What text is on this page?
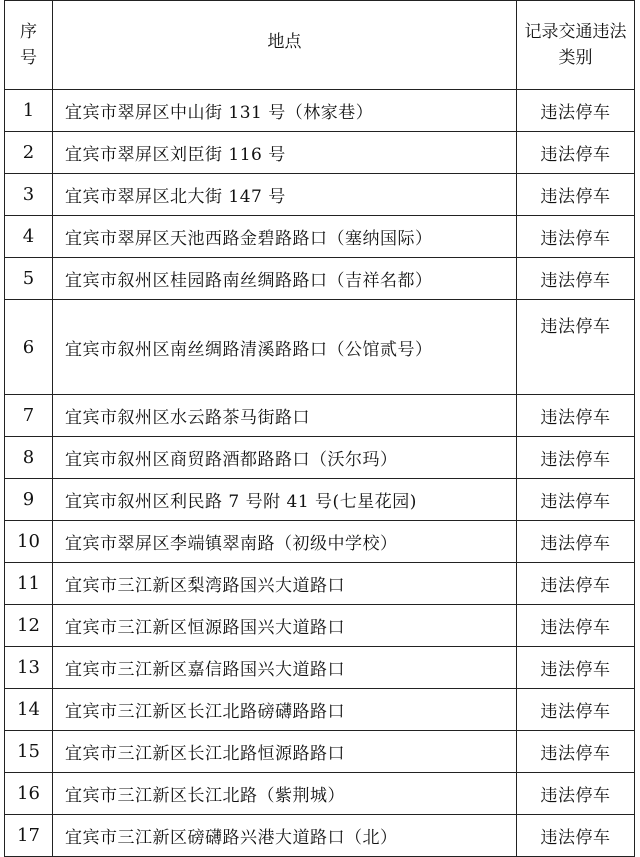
序号	地点	记录交通违法类别
1	宜宾市翠屏区中山街 131 号（林家巷）	违法停车
2	宜宾市翠屏区刘臣街 116 号	违法停车
3	宜宾市翠屏区北大街 147 号	违法停车
4	宜宾市翠屏区天池西路金碧路路口（塞纳国际）	违法停车
5	宜宾市叙州区桂园路南丝绸路路口（吉祥名都）	违法停车
6	宜宾市叙州区南丝绸路清溪路路口（公馆贰号）	违法停车
7	宜宾市叙州区水云路茶马街路口	违法停车
8	宜宾市叙州区商贸路酒都路路口（沃尔玛）	违法停车
9	宜宾市叙州区利民路 7 号附 41 号(七星花园)	违法停车
10	宜宾市翠屏区李端镇翠南路（初级中学校）	违法停车
11	宜宾市三江新区梨湾路国兴大道路口	违法停车
12	宜宾市三江新区恒源路国兴大道路口	违法停车
13	宜宾市三江新区嘉信路国兴大道路口	违法停车
14	宜宾市三江新区长江北路磅礴路路口	违法停车
15	宜宾市三江新区长江北路恒源路路口	违法停车
16	宜宾市三江新区长江北路（紫荆城）	违法停车
17	宜宾市三江新区磅礴路兴港大道路口（北）	违法停车
